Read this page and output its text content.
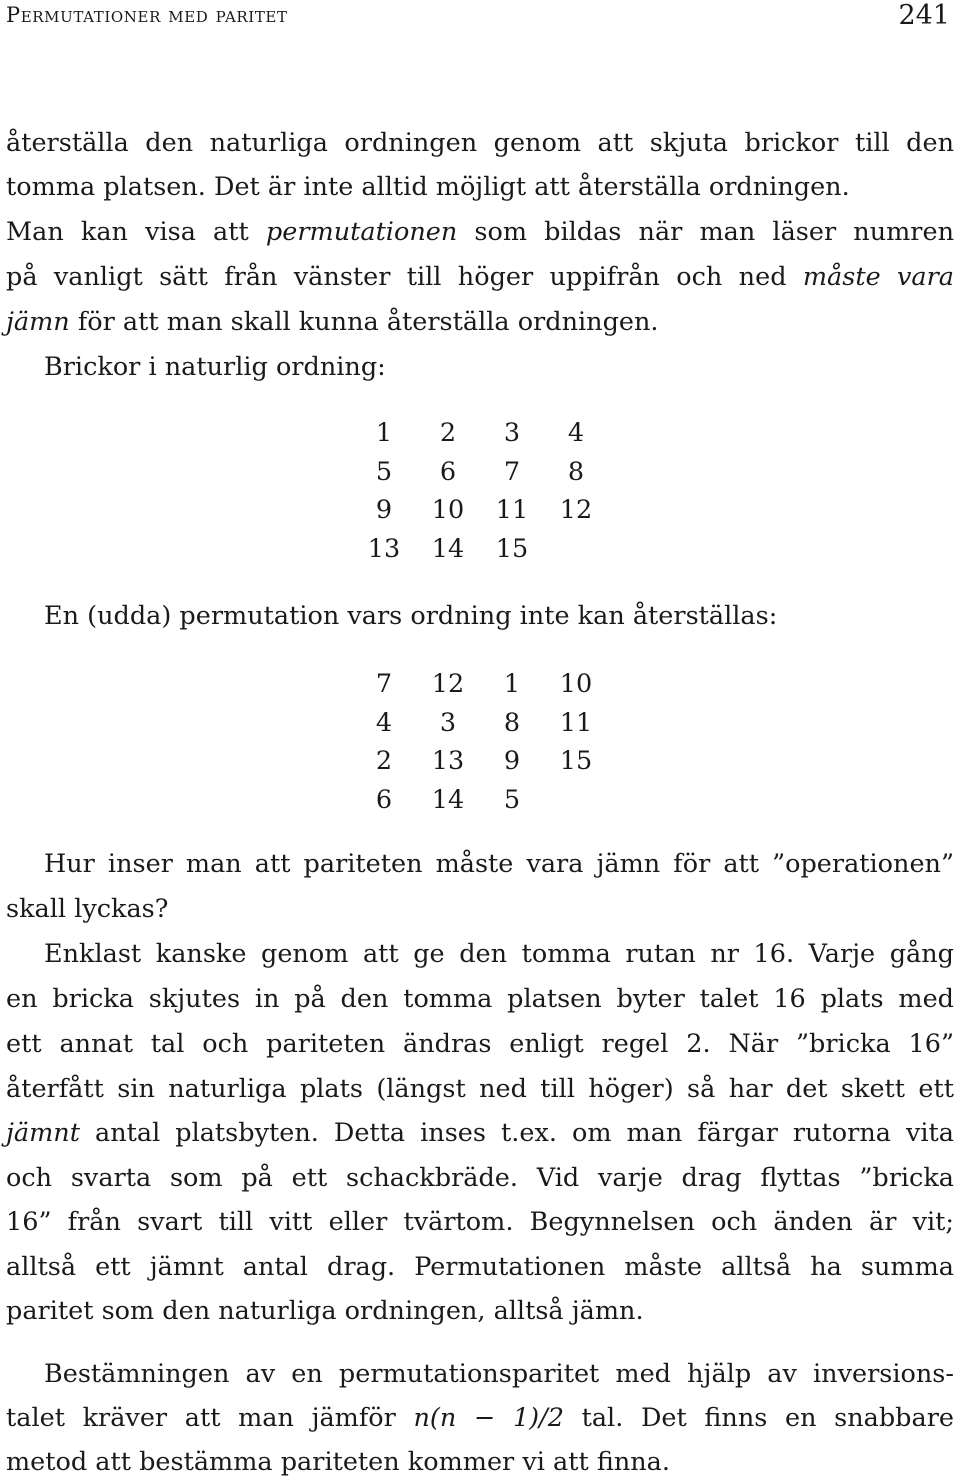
Permutationer med paritet	241
återställa den naturliga ordningen genom att skjuta brickor till den
tomma platsen. Det är inte alltid möjligt att återställa ordningen.
Man kan visa att permutationen som bildas när man läser numren
på vanligt sätt från vänster till höger uppifrån och ned måste vara
jämn för att man skall kunna återställa ordningen.
Brickor i naturlig ordning:
1	2	3	4
5	6	7	8
9	10	11	12
13	14	15	
En (udda) permutation vars ordning inte kan återställas:
7	12	1	10
4	3	8	11
2	13	9	15
6	14	5	
Hur inser man att pariteten måste vara jämn för att ”operationen”
skall lyckas?
Enklast kanske genom att ge den tomma rutan nr 16. Varje gång
en bricka skjutes in på den tomma platsen byter talet 16 plats med
ett annat tal och pariteten ändras enligt regel 2. När ”bricka 16”
återfått sin naturliga plats (längst ned till höger) så har det skett ett
jämnt antal platsbyten. Detta inses t.ex. om man färgar rutorna vita
och svarta som på ett schackbräde. Vid varje drag flyttas ”bricka
16” från svart till vitt eller tvärtom. Begynnelsen och änden är vit;
alltså ett jämnt antal drag. Permutationen måste alltså ha summa
paritet som den naturliga ordningen, alltså jämn.
Bestämningen av en permutationsparitet med hjälp av inversions-
talet kräver att man jämför n(n − 1)/2 tal. Det finns en snabbare
metod att bestämma pariteten kommer vi att finna.
